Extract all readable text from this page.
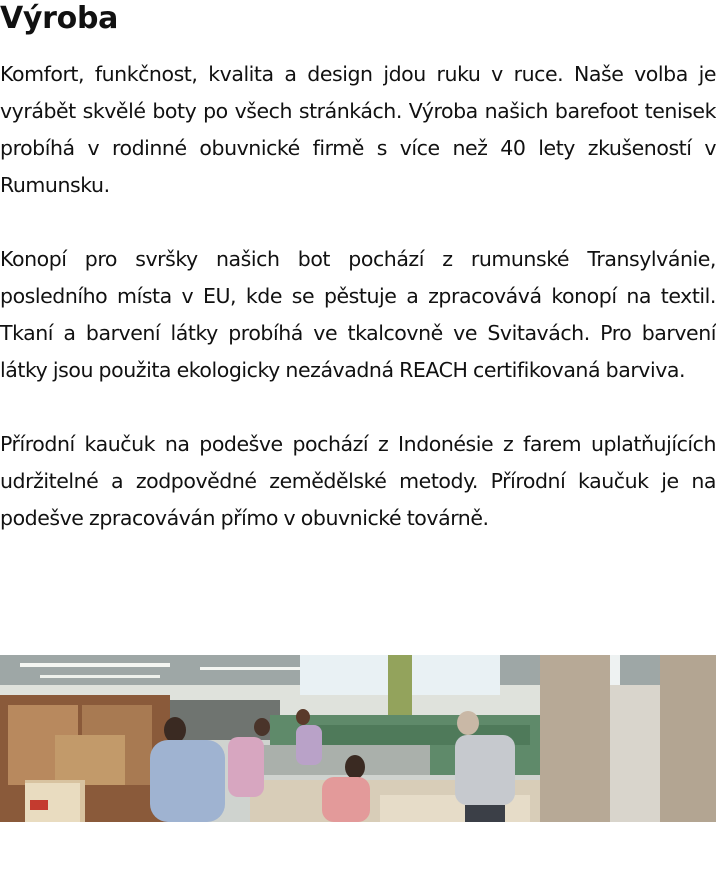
Výroba

Komfort, funkčnost, kvalita a design jdou ruku v ruce. Naše volba je vyrábět skvělé boty po všech stránkách. Výroba našich barefoot tenisek probíhá v rodinné obuvnické firmě s více než 40 lety zkušeností v Rumunsku.

Konopí pro svršky našich bot pochází z rumunské Transylvánie, posledního místa v EU, kde se pěstuje a zpracovává konopí na textil. Tkaní a barvení látky probíhá ve tkalcovně ve Svitavách. Pro barvení látky jsou použita ekologicky nezávadná REACH certifikovaná barviva.

Přírodní kaučuk na podešve pochází z Indonésie z farem uplatňujících udržitelné a zodpovědné zemědělské metody. Přírodní kaučuk je na podešve zpracováván přímo v obuvnické továrně.
